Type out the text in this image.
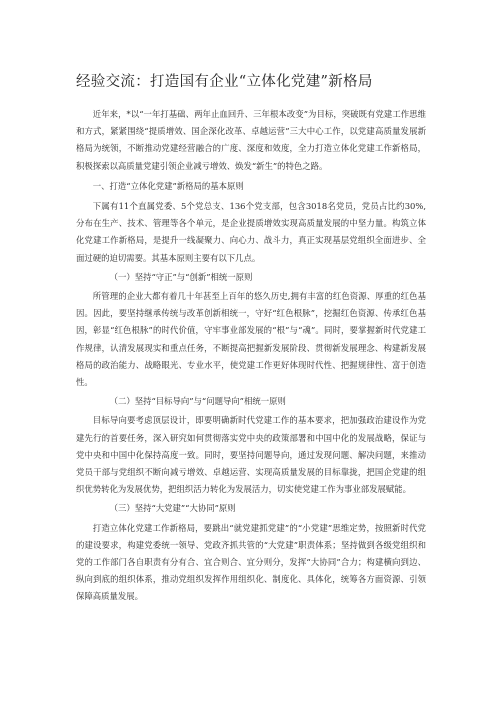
经验交流：打造国有企业“立体化党建”新格局

近年来，*以“一年打基础、两年止血回升、三年根本改变”为目标，突破既有党建工作思维和方式，紧紧围绕“提质增效、国企深化改革、卓越运营”三大中心工作，以党建高质量发展新格局为统领，不断推动党建经营融合的广度、深度和效度，全力打造立体化党建工作新格局，积极探索以高质量党建引领企业减亏增效、焕发“新生”的特色之路。

一、打造“立体化党建”新格局的基本原则

下属有11个直属党委、5个党总支、136个党支部，包含3018名党员，党员占比约30%,分布在生产、技术、管理等各个单元，是企业提质增效实现高质量发展的中坚力量。构筑立体化党建工作新格局，是提升一线凝聚力、向心力、战斗力，真正实现基层党组织全面进步、全面过硬的迫切需要。其基本原则主要有以下几点。

（一）坚持“守正”与“创新”相统一原则

所管理的企业大都有着几十年甚至上百年的悠久历史,拥有丰富的红色资源、厚重的红色基因。因此，要坚持继承传统与改革创新相统一，守好“红色根脉”，挖掘红色资源、传承红色基因，彰显“红色根脉”的时代价值，守牢事业部发展的“根”与“魂”。同时，要掌握新时代党建工作规律，认清发展现实和重点任务，不断提高把握新发展阶段、贯彻新发展理念、构建新发展格局的政治能力、战略眼光、专业水平，使党建工作更好体现时代性、把握规律性、富于创造性。

（二）坚持“目标导向”与“问题导向”相统一原则

目标导向要考虑顶层设计，即要明确新时代党建工作的基本要求，把加强政治建设作为党建先行的首要任务，深入研究如何贯彻落实党中央的政策部署和中国中化的发展战略，保证与党中央和中国中化保持高度一致。同时，要坚持问题导向，通过发现问题、解决问题，来推动党员干部与党组织不断向减亏增效、卓越运营、实现高质量发展的目标靠拢，把国企党建的组织优势转化为发展优势，把组织活力转化为发展活力，切实使党建工作为事业部发展赋能。

（三）坚持“大党建”“大协同”原则

打造立体化党建工作新格局，要跳出“就党建抓党建”的“小党建”思维定势，按照新时代党的建设要求，构建党委统一领导、党政齐抓共管的“大党建”职责体系；坚持做到各级党组织和党的工作部门各自职责有分有合、宜合则合、宜分则分，发挥“大协同”合力；构建横向到边、纵向到底的组织体系，推动党组织发挥作用组织化、制度化、具体化，统筹各方面资源、引领保障高质量发展。
